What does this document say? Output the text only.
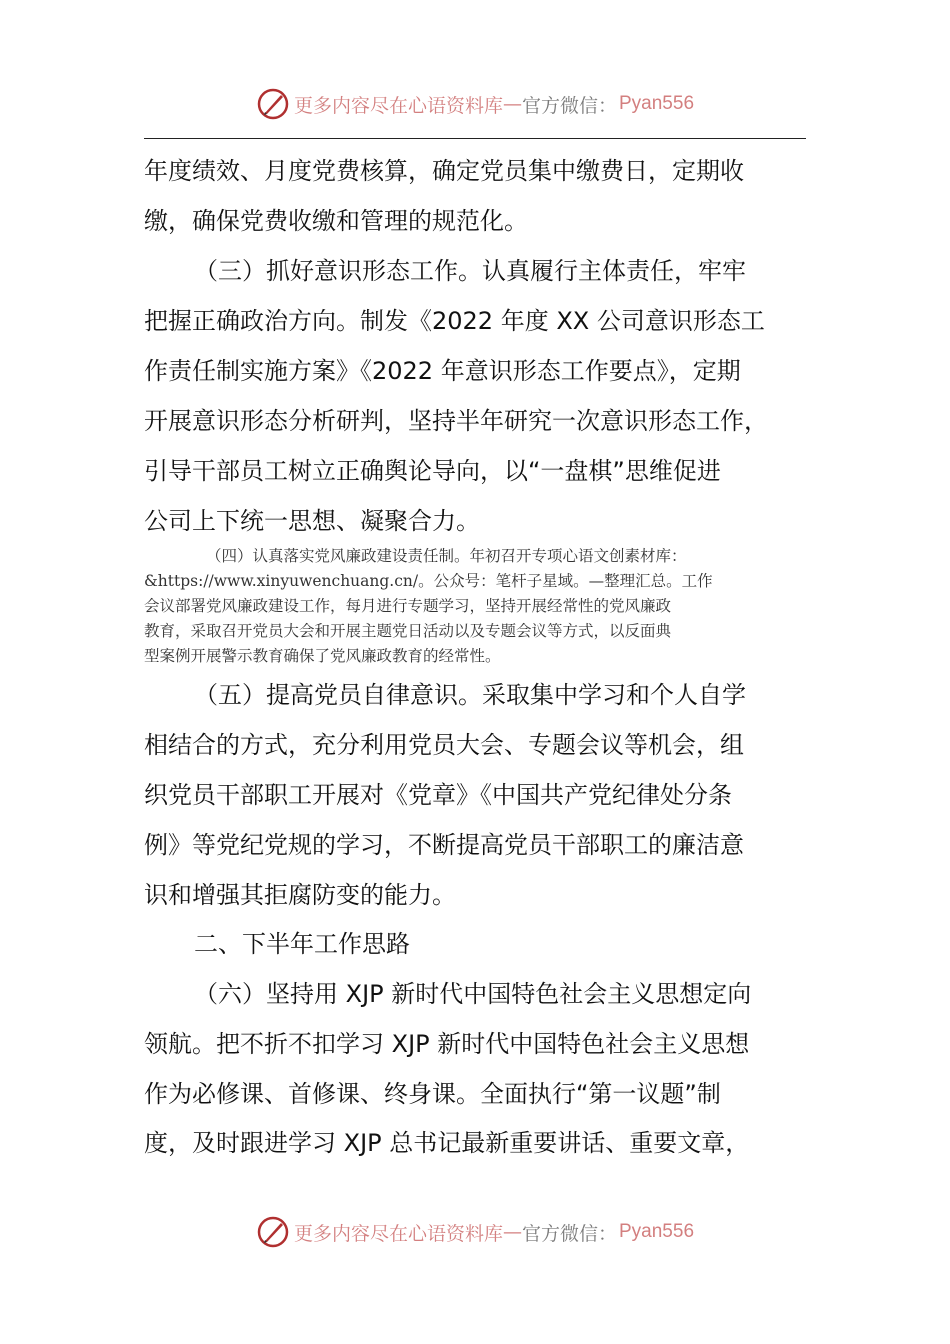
更多内容尽在心语资料库 — 官方微信： Pyan556
年度绩效、月度党费核算，确定党员集中缴费日，定期收
缴，确保党费收缴和管理的规范化。
（三）抓好意识形态工作。认真履行主体责任，牢牢
把握正确政治方向。制发《2022 年度 XX 公司意识形态工
作责任制实施方案》《2022 年意识形态工作要点》，定期
开展意识形态分析研判，坚持半年研究一次意识形态工作，
引导干部员工树立正确舆论导向，以“一盘棋”思维促进
公司上下统一思想、凝聚合力。
（四）认真落实党风廉政建设责任制。年初召开专项心语文创素材库：
&https://www.xinyuwenchuang.cn/。公众号：笔杆子星域。—整理汇总。工作
会议部署党风廉政建设工作，每月进行专题学习，坚持开展经常性的党风廉政
教育，采取召开党员大会和开展主题党日活动以及专题会议等方式，以反面典
型案例开展警示教育确保了党风廉政教育的经常性。
（五）提高党员自律意识。采取集中学习和个人自学
相结合的方式，充分利用党员大会、专题会议等机会，组
织党员干部职工开展对《党章》《中国共产党纪律处分条
例》等党纪党规的学习，不断提高党员干部职工的廉洁意
识和增强其拒腐防变的能力。
二、下半年工作思路
（六）坚持用 XJP 新时代中国特色社会主义思想定向
领航。把不折不扣学习 XJP 新时代中国特色社会主义思想
作为必修课、首修课、终身课。全面执行“第一议题”制
度，及时跟进学习 XJP 总书记最新重要讲话、重要文章，
更多内容尽在心语资料库 — 官方微信： Pyan556
